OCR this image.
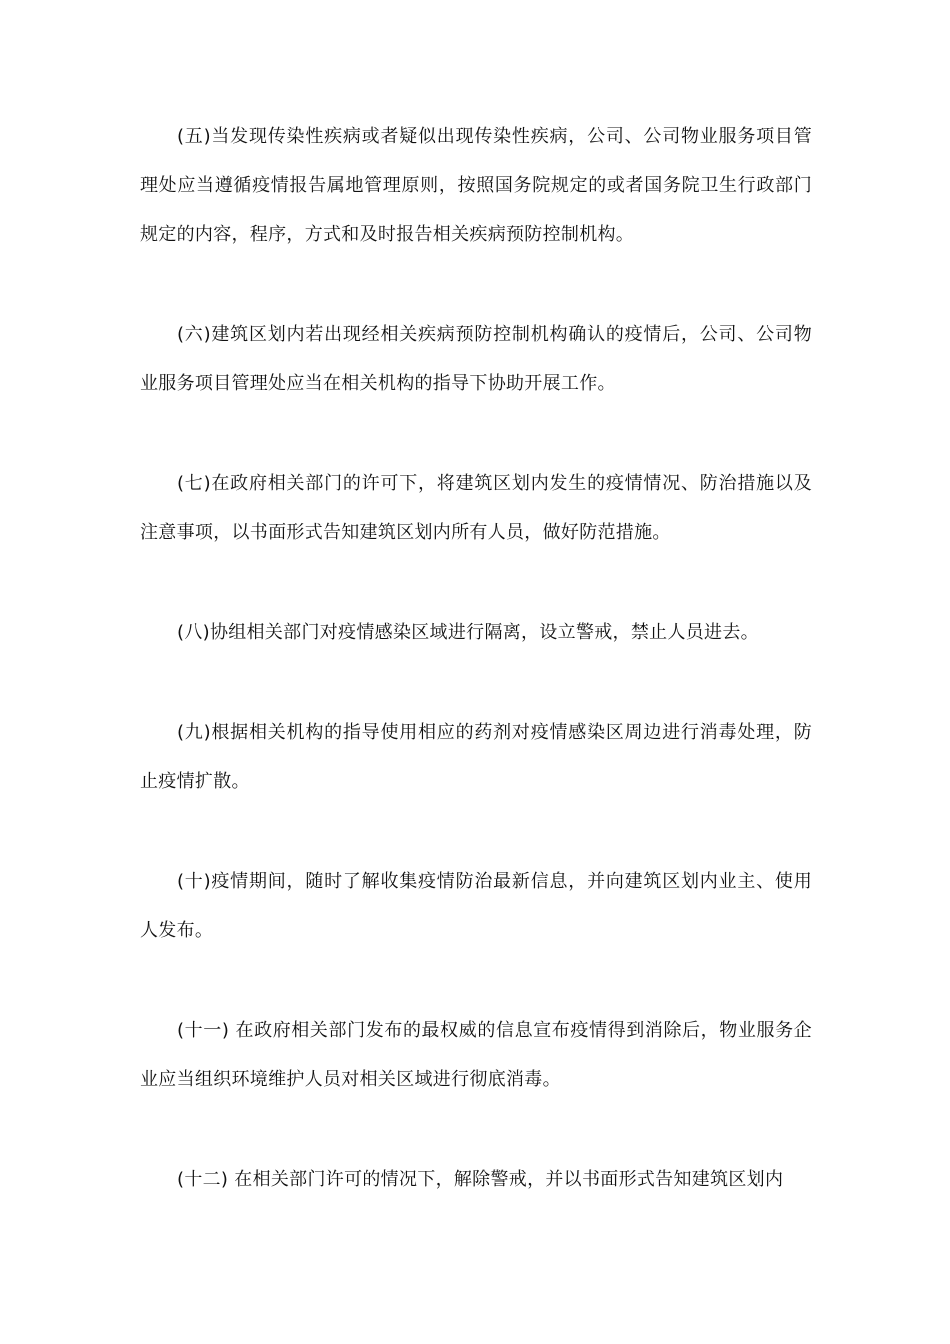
(五)当发现传染性疾病或者疑似出现传染性疾病，公司、公司物业服务项目管理处应当遵循疫情报告属地管理原则，按照国务院规定的或者国务院卫生行政部门规定的内容，程序，方式和及时报告相关疾病预防控制机构。

(六)建筑区划内若出现经相关疾病预防控制机构确认的疫情后，公司、公司物业服务项目管理处应当在相关机构的指导下协助开展工作。

(七)在政府相关部门的许可下，将建筑区划内发生的疫情情况、防治措施以及注意事项，以书面形式告知建筑区划内所有人员，做好防范措施。

(八)协组相关部门对疫情感染区域进行隔离，设立警戒，禁止人员进去。

(九)根据相关机构的指导使用相应的药剂对疫情感染区周边进行消毒处理，防止疫情扩散。

(十)疫情期间，随时了解收集疫情防治最新信息，并向建筑区划内业主、使用人发布。

(十一) 在政府相关部门发布的最权威的信息宣布疫情得到消除后，物业服务企业应当组织环境维护人员对相关区域进行彻底消毒。

(十二) 在相关部门许可的情况下，解除警戒，并以书面形式告知建筑区划内
